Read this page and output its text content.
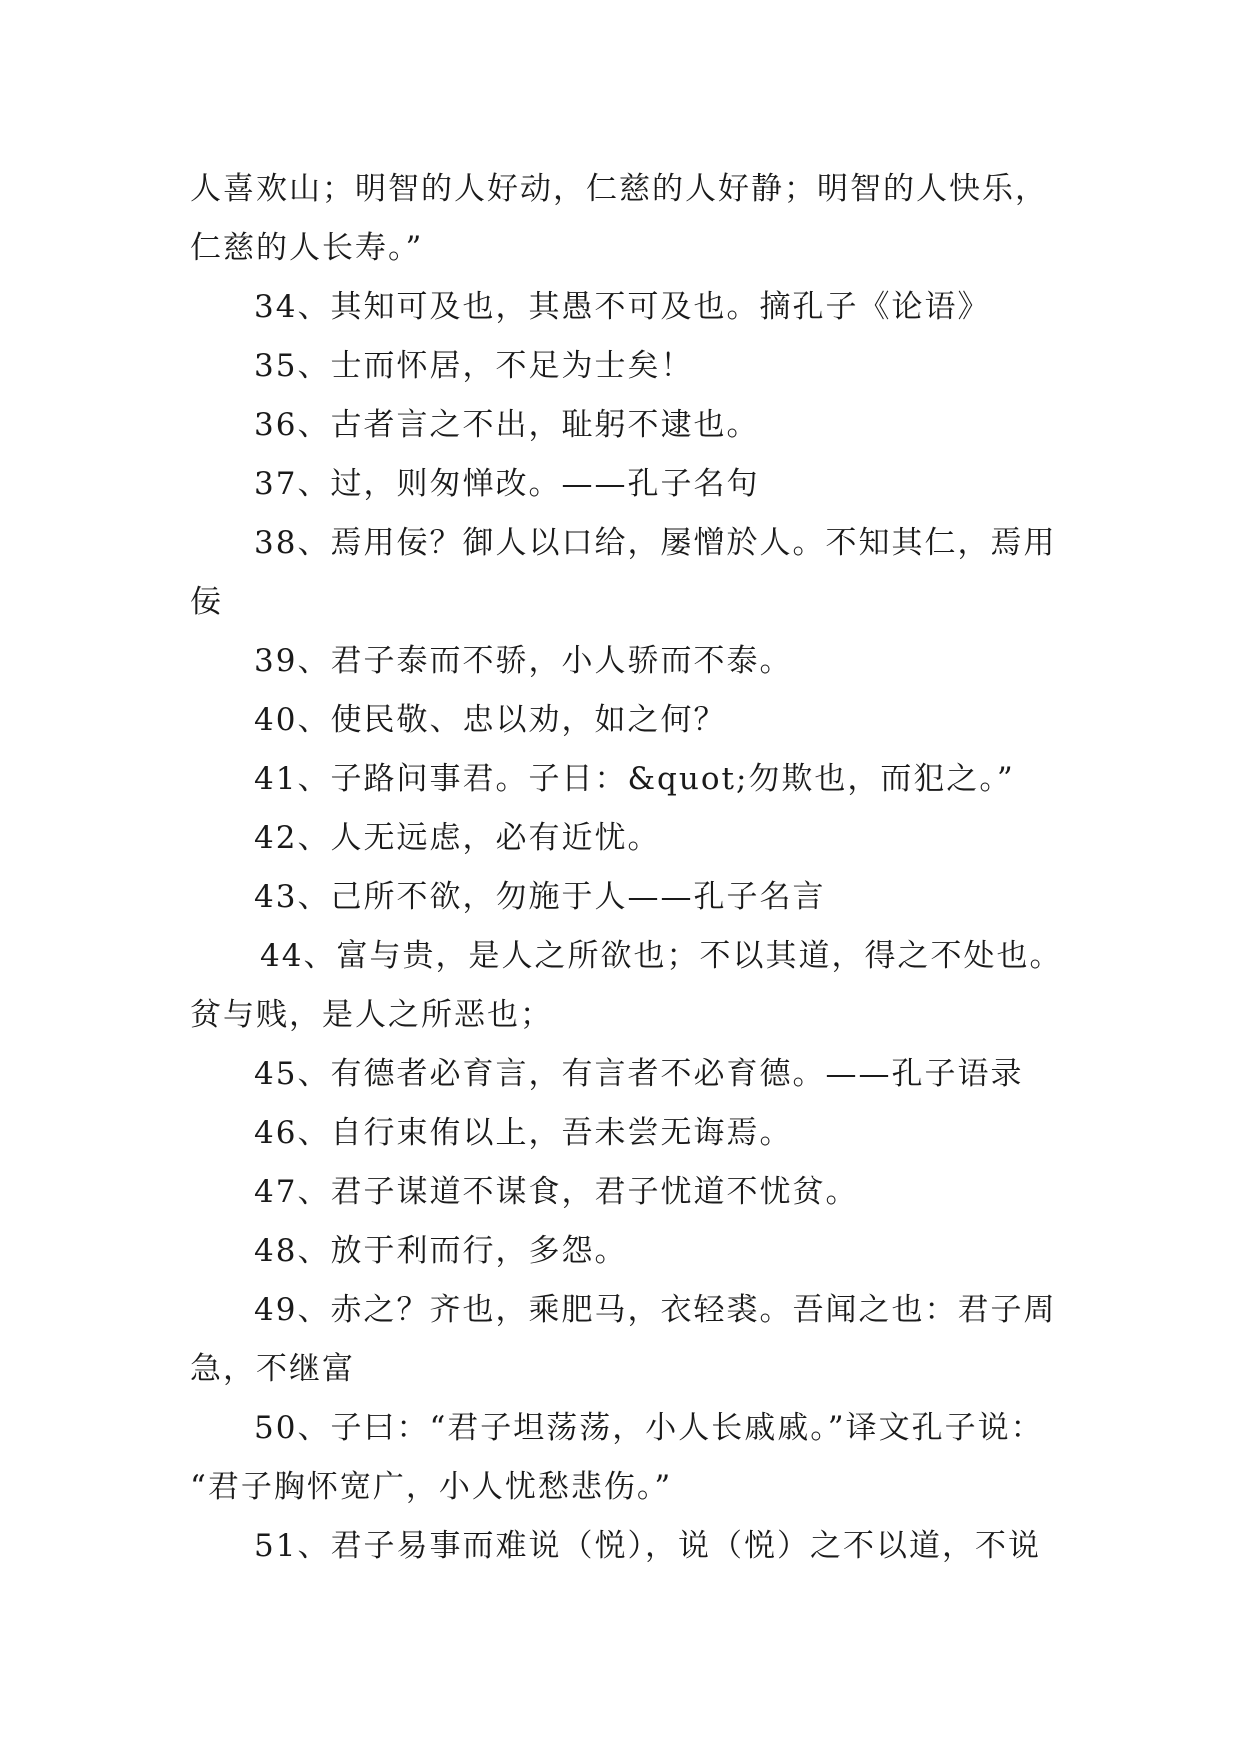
人喜欢山；明智的人好动，仁慈的人好静；明智的人快乐，
仁慈的人长寿。”
34、其知可及也，其愚不可及也。摘孔子《论语》
35、士而怀居，不足为士矣！
36、古者言之不出，耻躬不逮也。
37、过，则匆惮改。——孔子名句
38、焉用佞？御人以口给，屡憎於人。不知其仁，焉用
佞
39、君子泰而不骄，小人骄而不泰。
40、使民敬、忠以劝，如之何？
41、子路问事君。子日：&quot;勿欺也，而犯之。”
42、人无远虑，必有近忧。
43、己所不欲，勿施于人——孔子名言
44、富与贵，是人之所欲也；不以其道，得之不处也。
贫与贱，是人之所恶也；
45、有德者必育言，有言者不必育德。——孔子语录
46、自行束侑以上，吾未尝无诲焉。
47、君子谋道不谋食，君子忧道不忧贫。
48、放于利而行，多怨。
49、赤之？齐也，乘肥马，衣轻裘。吾闻之也：君子周
急，不继富
50、子曰：“君子坦荡荡，小人长戚戚。”译文孔子说：
“君子胸怀宽广，小人忧愁悲伤。”
51、君子易事而难说（悦），说（悦）之不以道，不说
